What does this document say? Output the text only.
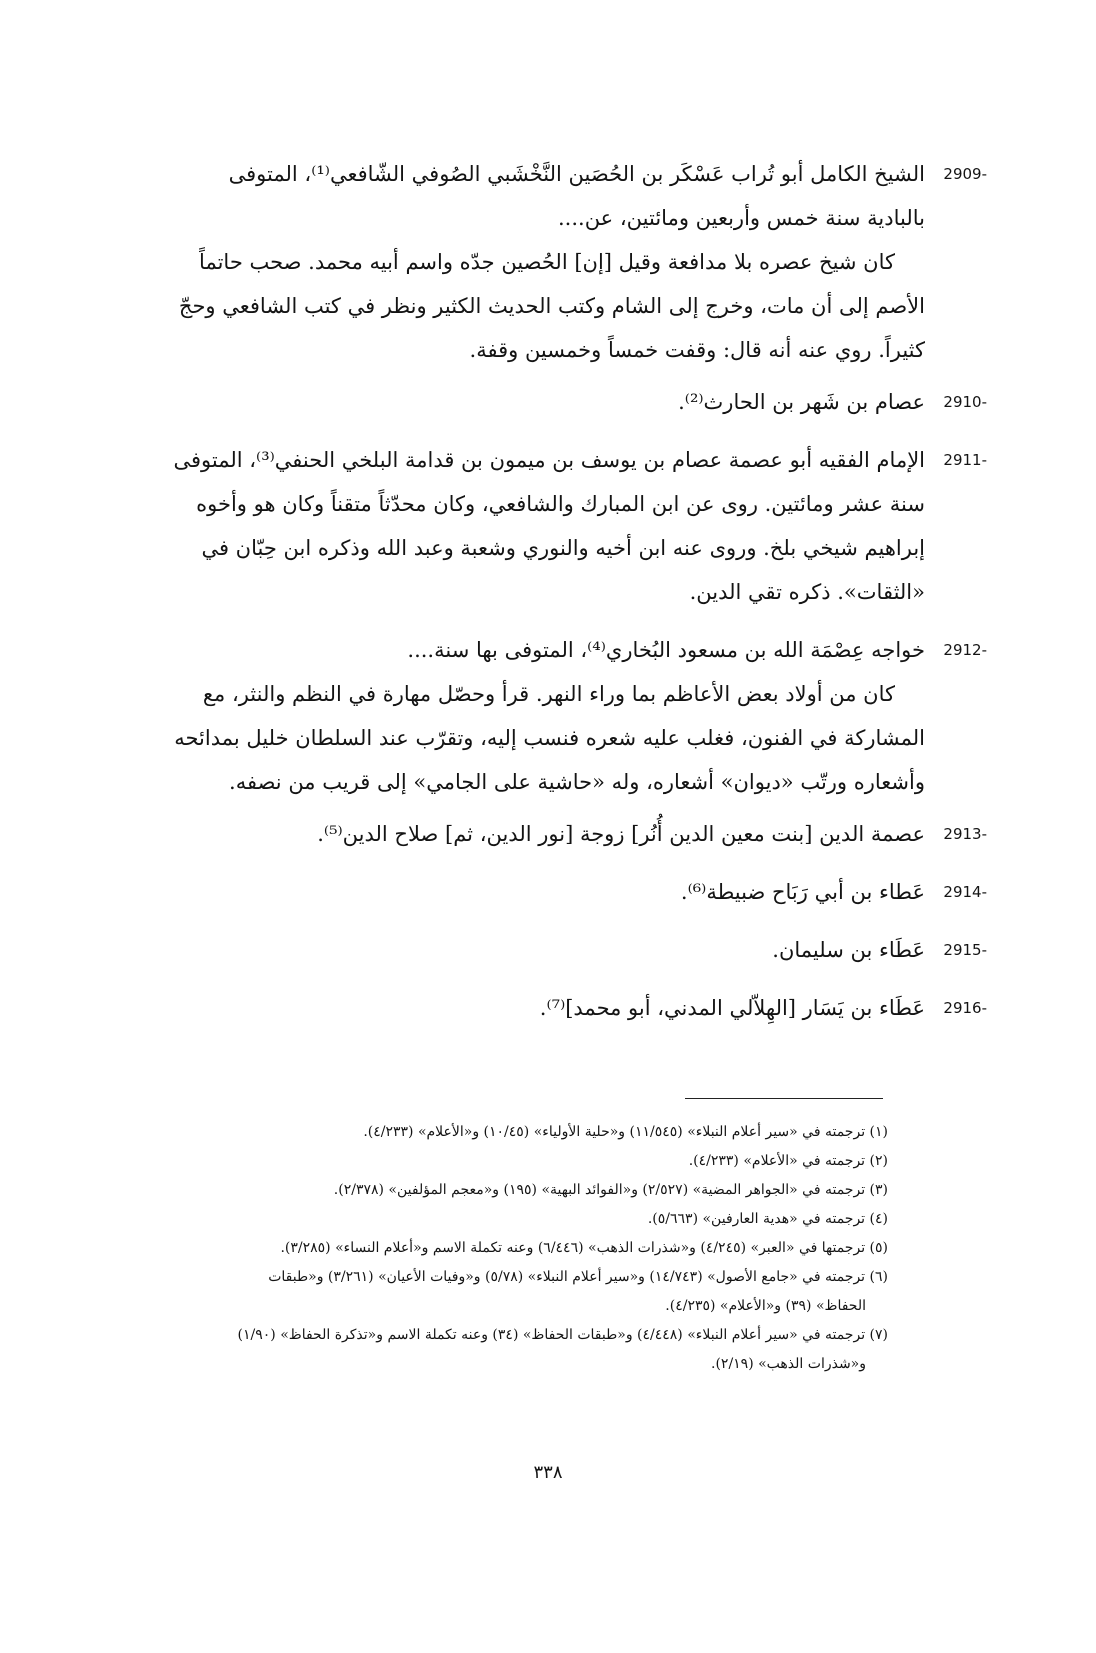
2909-
الشيخ الكامل أبو تُراب عَسْكَر بن الحُصَين النَّخْشَبي الصُوفي الشّافعي⁽¹⁾، المتوفى
بالبادية سنة خمس وأربعين ومائتين، عن....
كان شيخ عصره بلا مدافعة وقيل [إن] الحُصين جدّه واسم أبيه محمد. صحب حاتماً
الأصم إلى أن مات، وخرج إلى الشام وكتب الحديث الكثير ونظر في كتب الشافعي وحجّ
كثيراً. روي عنه أنه قال: وقفت خمساً وخمسين وقفة.
2910-
عصام بن شَهر بن الحارث⁽²⁾.
2911-
الإمام الفقيه أبو عصمة عصام بن يوسف بن ميمون بن قدامة البلخي الحنفي⁽³⁾، المتوفى
سنة عشر ومائتين. روى عن ابن المبارك والشافعي، وكان محدّثاً متقناً وكان هو وأخوه
إبراهيم شيخي بلخ. وروى عنه ابن أخيه والنوري وشعبة وعبد الله وذكره ابن حِبّان في
«الثقات». ذكره تقي الدين.
2912-
خواجه عِصْمَة الله بن مسعود البُخاري⁽⁴⁾، المتوفى بها سنة....
كان من أولاد بعض الأعاظم بما وراء النهر. قرأ وحصّل مهارة في النظم والنثر، مع
المشاركة في الفنون، فغلب عليه شعره فنسب إليه، وتقرّب عند السلطان خليل بمدائحه
وأشعاره ورتّب «ديوان» أشعاره، وله «حاشية على الجامي» إلى قريب من نصفه.
2913-
عصمة الدين [بنت معين الدين أُنُر] زوجة [نور الدين، ثم] صلاح الدين⁽⁵⁾.
2914-
عَطاء بن أبي رَبَاح ضبيطة⁽⁶⁾.
2915-
عَطَاء بن سليمان.
2916-
عَطَاء بن يَسَار [الهِلاّلي المدني، أبو محمد]⁽⁷⁾.
(١) ترجمته في «سير أعلام النبلاء» (١١/٥٤٥) و«حلية الأولياء» (١٠/٤٥) و«الأعلام» (٤/٢٣٣).
(٢) ترجمته في «الأعلام» (٤/٢٣٣).
(٣) ترجمته في «الجواهر المضية» (٢/٥٢٧) و«الفوائد البهية» (١٩٥) و«معجم المؤلفين» (٢/٣٧٨).
(٤) ترجمته في «هدية العارفين» (٥/٦٦٣).
(٥) ترجمتها في «العبر» (٤/٢٤٥) و«شذرات الذهب» (٦/٤٤٦) وعنه تكملة الاسم و«أعلام النساء» (٣/٢٨٥).
(٦) ترجمته في «جامع الأصول» (١٤/٧٤٣) و«سير أعلام النبلاء» (٥/٧٨) و«وفيات الأعيان» (٣/٢٦١) و«طبقات
الحفاظ» (٣٩) و«الأعلام» (٤/٢٣٥).
(٧) ترجمته في «سير أعلام النبلاء» (٤/٤٤٨) و«طبقات الحفاظ» (٣٤) وعنه تكملة الاسم و«تذكرة الحفاظ» (١/٩٠)
و«شذرات الذهب» (٢/١٩).
٣٣٨
